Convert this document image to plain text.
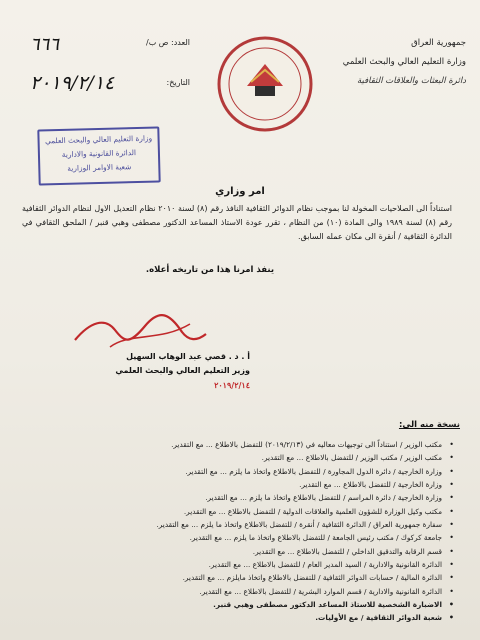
جمهورية العراق
وزارة التعليم العالي والبحث العلمي
دائرة البعثات والعلاقات الثقافية
العدد: ص ب/
٦٦٦
التاريخ:
٢٠١٩/٢/١٤
وزارة التعليم العالي والبحث العلمي
الدائرة القانونية والادارية
شعبة الاوامر الوزارية
امر وزاري

استناداً الى الصلاحيات المخولة لنا بموجب نظام الدوائر الثقافية النافذ رقم (٨) لسنة ٢٠١٠ نظام التعديل الاول لنظام الدوائر الثقافية رقم (٨) لسنة ١٩٨٩ والى المادة (١٠) من النظام ، تقرر عودة الاستاذ المساعد الدكتور مصطفى وهبي قنبر / الملحق الثقافي في الدائرة الثقافية / أنقرة الى مكان عمله السابق.

ينفذ امرنا هذا من تاريخه أعلاه.
أ . د . قصي عبد الوهاب السهيل
وزير التعليم العالي والبحث العلمي
٢٠١٩/٢/١٤
نسخة منه الى:
• مكتب الوزير / استناداً الى توجيهات معاليه في (٢٠١٩/٢/١٣) للتفضل بالاطلاع ... مع التقدير.
• مكتب الوزير / مكتب الوزير / للتفضل بالاطلاع ... مع التقدير.
• وزارة الخارجية / دائرة الدول المجاورة / للتفضل بالاطلاع واتخاذ ما يلزم ... مع التقدير.
• وزارة الخارجية / للتفضل بالاطلاع ... مع التقدير.
• وزارة الخارجية / دائرة المراسم / للتفضل بالاطلاع واتخاذ ما يلزم ... مع التقدير.
• مكتب وكيل الوزارة للشؤون العلمية والعلاقات الدولية / للتفضل بالاطلاع ... مع التقدير.
• سفارة جمهورية العراق / الدائرة الثقافية / أنقرة / للتفضل بالاطلاع واتخاذ ما يلزم ... مع التقدير.
• جامعة كركوك / مكتب رئيس الجامعة / للتفضل بالاطلاع واتخاذ ما يلزم ... مع التقدير.
• قسم الرقابة والتدقيق الداخلي / للتفضل بالاطلاع ... مع التقدير.
• الدائرة القانونية والادارية / السيد المدير العام / للتفضل بالاطلاع ... مع التقدير.
• الدائرة المالية / حسابات الدوائر الثقافية / للتفضل بالاطلاع واتخاذ مايلزم ... مع التقدير.
• الدائرة القانونية والادارية / قسم الموارد البشرية / للتفضل بالاطلاع ... مع التقدير.
• الاضبارة الشخصية للاستاذ المساعد الدكتور مصطفى وهبي قنبر.
• شعبة الدوائر الثقافية / مع الأوليات.
